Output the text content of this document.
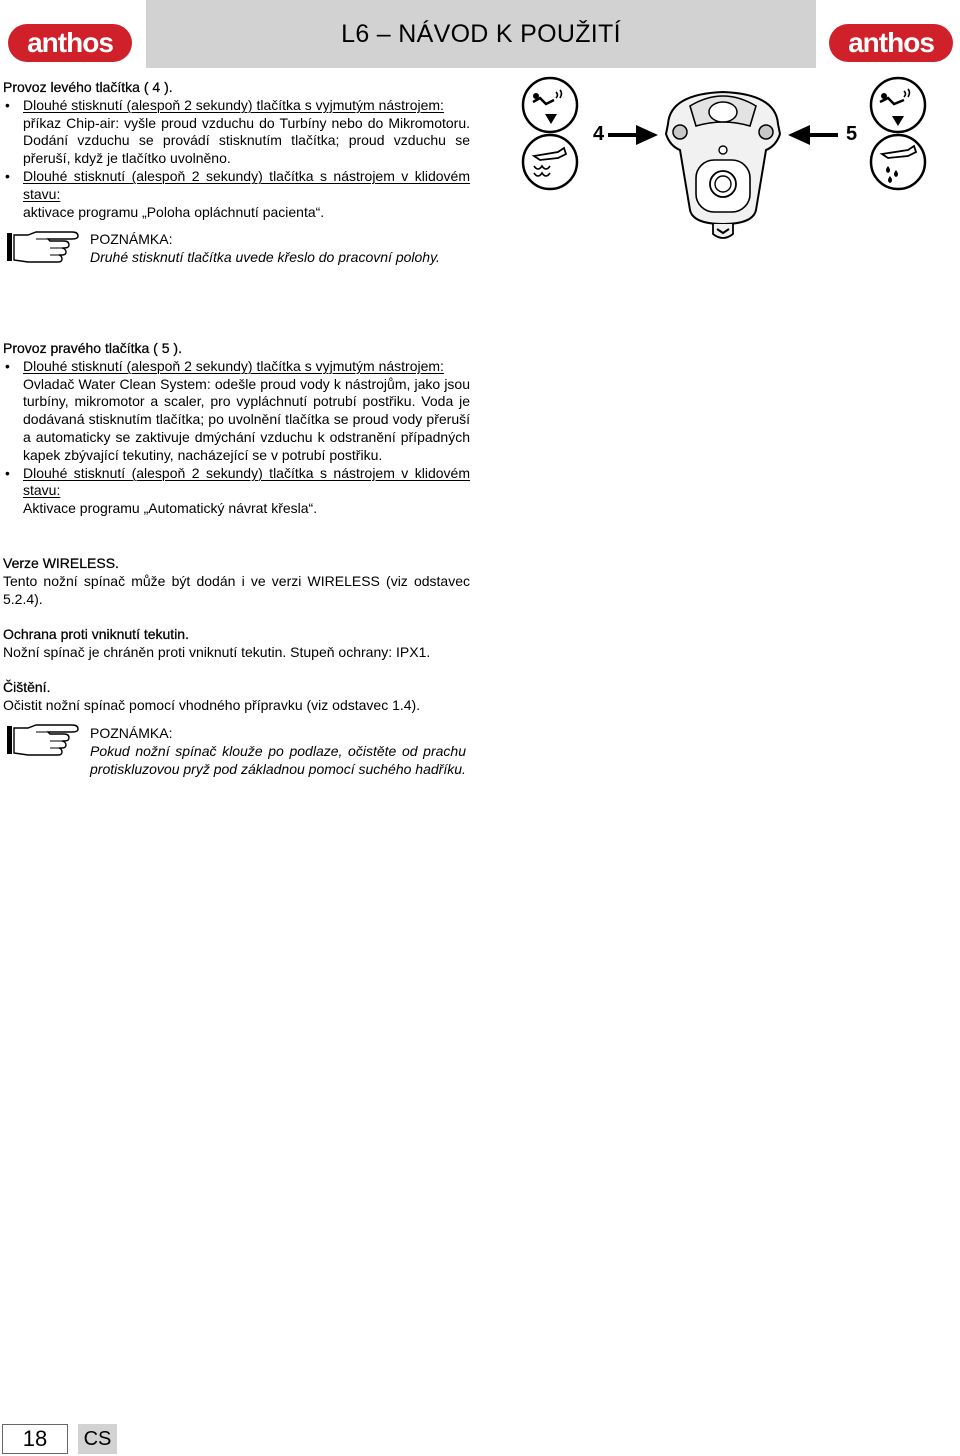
anthos	L6 – NÁVOD K POUŽITÍ	anthos
Provoz levého tlačítka ( 4 ).
• Dlouhé stisknutí (alespoň 2 sekundy) tlačítka s vyjmutým nástrojem:

příkaz Chip-air: vyšle proud vzduchu do Turbíny nebo do Mikromotoru. Dodání vzduchu se provádí stisknutím tlačítka; proud vzduchu se přeruší, když je tlačítko uvolněno.
• Dlouhé stisknutí (alespoň 2 sekundy) tlačítka s nástrojem v klidovém stavu:
aktivace programu „Poloha opláchnutí pacienta“.
POZNÁMKA:
Druhé stisknutí tlačítka uvede křeslo do pracovní polohy.
4	5
Provoz pravého tlačítka ( 5 ).
• Dlouhé stisknutí (alespoň 2 sekundy) tlačítka s vyjmutým nástrojem:

Ovladač Water Clean System: odešle proud vody k nástrojům, jako jsou turbíny, mikromotor a scaler, pro vypláchnutí potrubí postřiku. Voda je dodávaná stisknutím tlačítka; po uvolnění tlačítka se proud vody přeruší a automaticky se zaktivuje dmýchání vzduchu k odstranění případných kapek zbývající tekutiny, nacházející se v potrubí postřiku.
• Dlouhé stisknutí (alespoň 2 sekundy) tlačítka s nástrojem v klidovém stavu:
Aktivace programu „Automatický návrat křesla“.
Verze WIRELESS.
Tento nožní spínač může být dodán i ve verzi WIRELESS (viz odstavec 5.2.4).
Ochrana proti vniknutí tekutin.
Nožní spínač je chráněn proti vniknutí tekutin. Stupeň ochrany: IPX1.
Čištění.
Očistit nožní spínač pomocí vhodného přípravku (viz odstavec 1.4).
POZNÁMKA:
Pokud nožní spínač klouže po podlaze, očistěte od prachu protiskluzovou pryž pod základnou pomocí suchého hadříku.
18	CS
